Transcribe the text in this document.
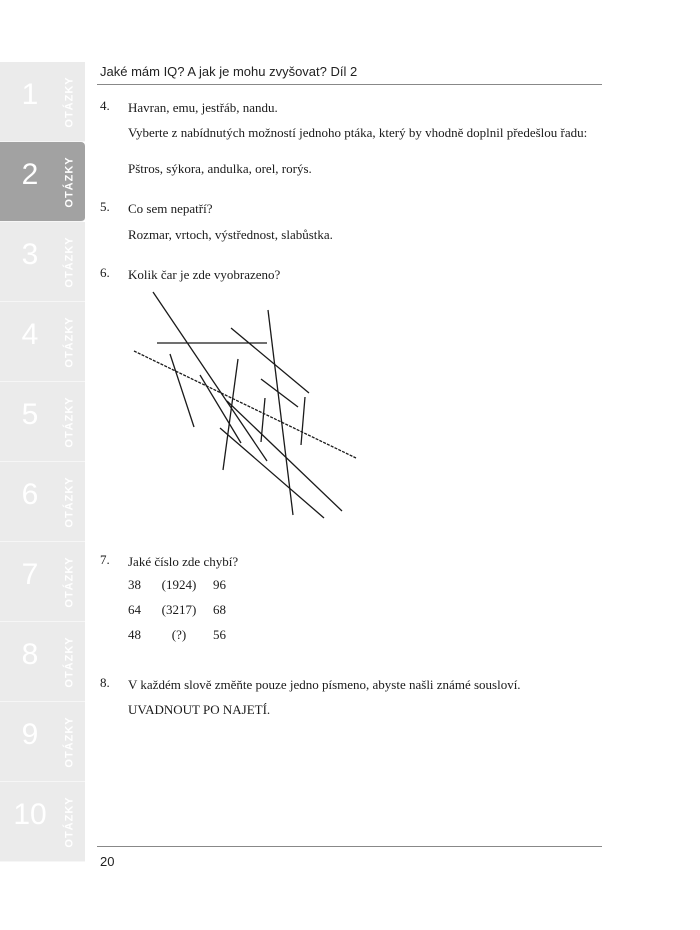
1	OTÁZKY
2	OTÁZKY
3	OTÁZKY
4	OTÁZKY
5	OTÁZKY
6	OTÁZKY
7	OTÁZKY
8	OTÁZKY
9	OTÁZKY
10	OTÁZKY
Jaké mám IQ? A jak je mohu zvyšovat? Díl 2
4. Havran, emu, jestřáb, nandu.
Vyberte z nabídnutých možností jednoho ptáka, který by vhodně doplnil předešlou řadu:
Pštros, sýkora, andulka, orel, rorýs.
5. Co sem nepatří?
Rozmar, vrtoch, výstřednost, slabůstka.
6. Kolik čar je zde vyobrazeno?
7. Jaké číslo zde chybí?
38 (1924) 96
64 (3217) 68
48	(?)	56
8. V každém slově změňte pouze jedno písmeno, abyste našli známé sousloví.
UVADNOUT PO NAJETÍ.
20
